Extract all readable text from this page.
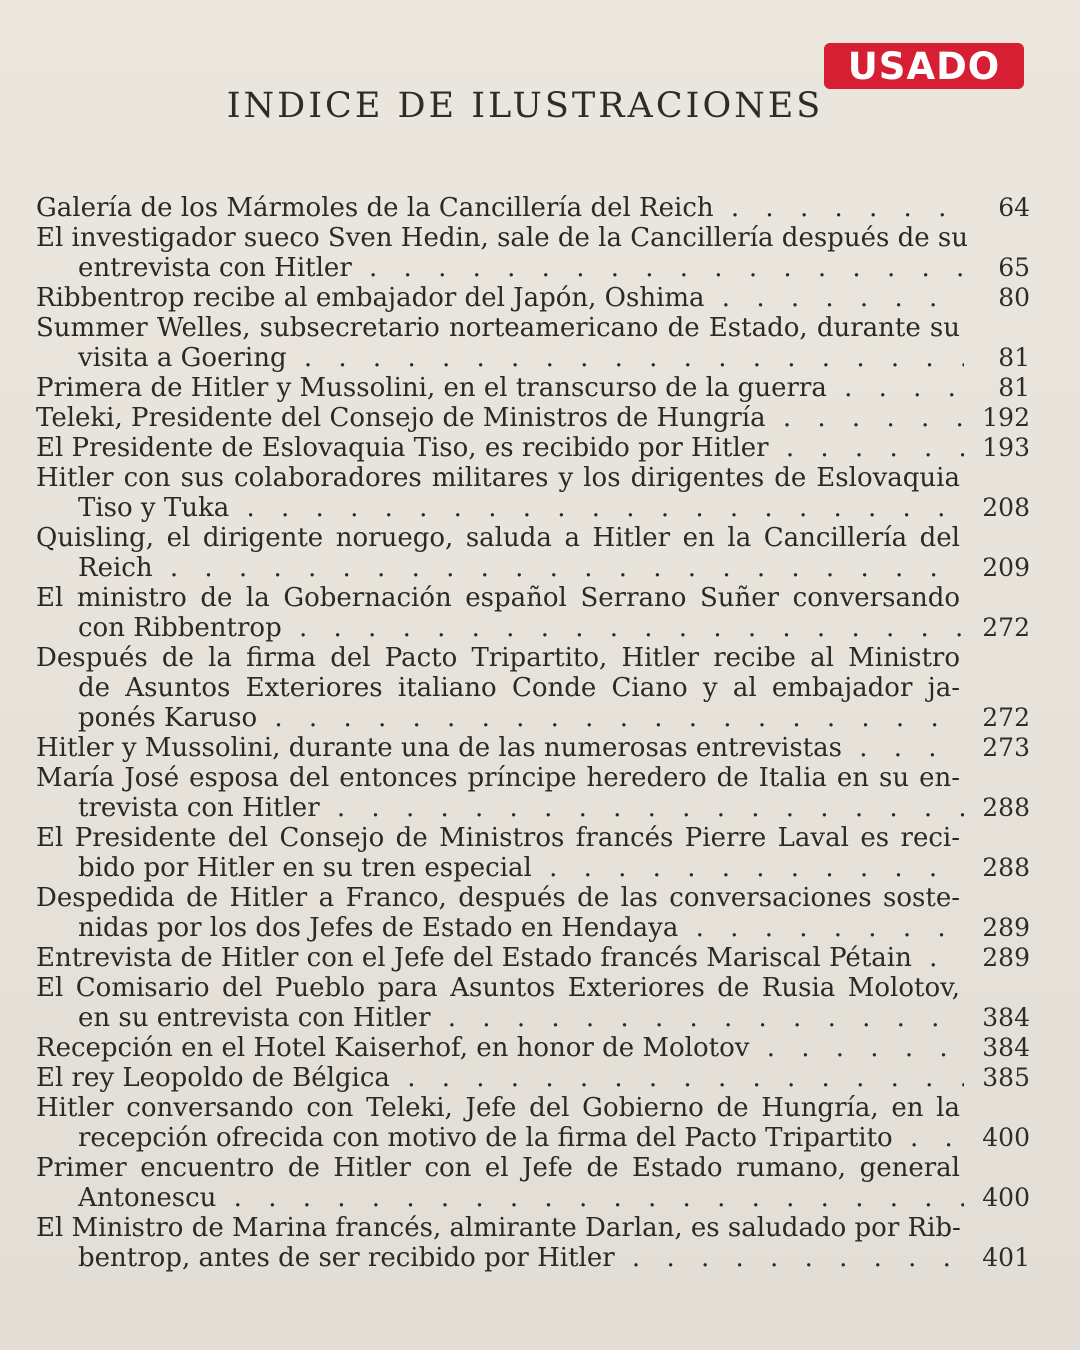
USADO
INDICE DE ILUSTRACIONES
Galería de los Mármoles de la Cancillería del Reich . . .	64
El investigador sueco Sven Hedin, sale de la Cancillería después de su
entrevista con Hitler . . .	65
Ribbentrop recibe al embajador del Japón, Oshima . . .	80
Summer Welles, subsecretario norteamericano de Estado, durante su
visita a Goering . . .	81
Primera de Hitler y Mussolini, en el transcurso de la guerra . . .	81
Teleki, Presidente del Consejo de Ministros de Hungría . . .	192
El Presidente de Eslovaquia Tiso, es recibido por Hitler . . .	193
Hitler con sus colaboradores militares y los dirigentes de Eslovaquia
Tiso y Tuka . . .	208
Quisling, el dirigente noruego, saluda a Hitler en la Cancillería del
Reich . . .	209
El ministro de la Gobernación español Serrano Suñer conversando
con Ribbentrop . . .	272
Después de la firma del Pacto Tripartito, Hitler recibe al Ministro
de Asuntos Exteriores italiano Conde Ciano y al embajador ja-
ponés Karuso . . .	272
Hitler y Mussolini, durante una de las numerosas entrevistas . . .	273
María José esposa del entonces príncipe heredero de Italia en su en-
trevista con Hitler . . .	288
El Presidente del Consejo de Ministros francés Pierre Laval es reci-
bido por Hitler en su tren especial . . .	288
Despedida de Hitler a Franco, después de las conversaciones soste-
nidas por los dos Jefes de Estado en Hendaya . . .	289
Entrevista de Hitler con el Jefe del Estado francés Mariscal Pétain . . .	289
El Comisario del Pueblo para Asuntos Exteriores de Rusia Molotov,
en su entrevista con Hitler . . .	384
Recepción en el Hotel Kaiserhof, en honor de Molotov . . .	384
El rey Leopoldo de Bélgica . . .	385
Hitler conversando con Teleki, Jefe del Gobierno de Hungría, en la
recepción ofrecida con motivo de la firma del Pacto Tripartito . . .	400
Primer encuentro de Hitler con el Jefe de Estado rumano, general
Antonescu . . .	400
El Ministro de Marina francés, almirante Darlan, es saludado por Rib-
bentrop, antes de ser recibido por Hitler . . .	401
